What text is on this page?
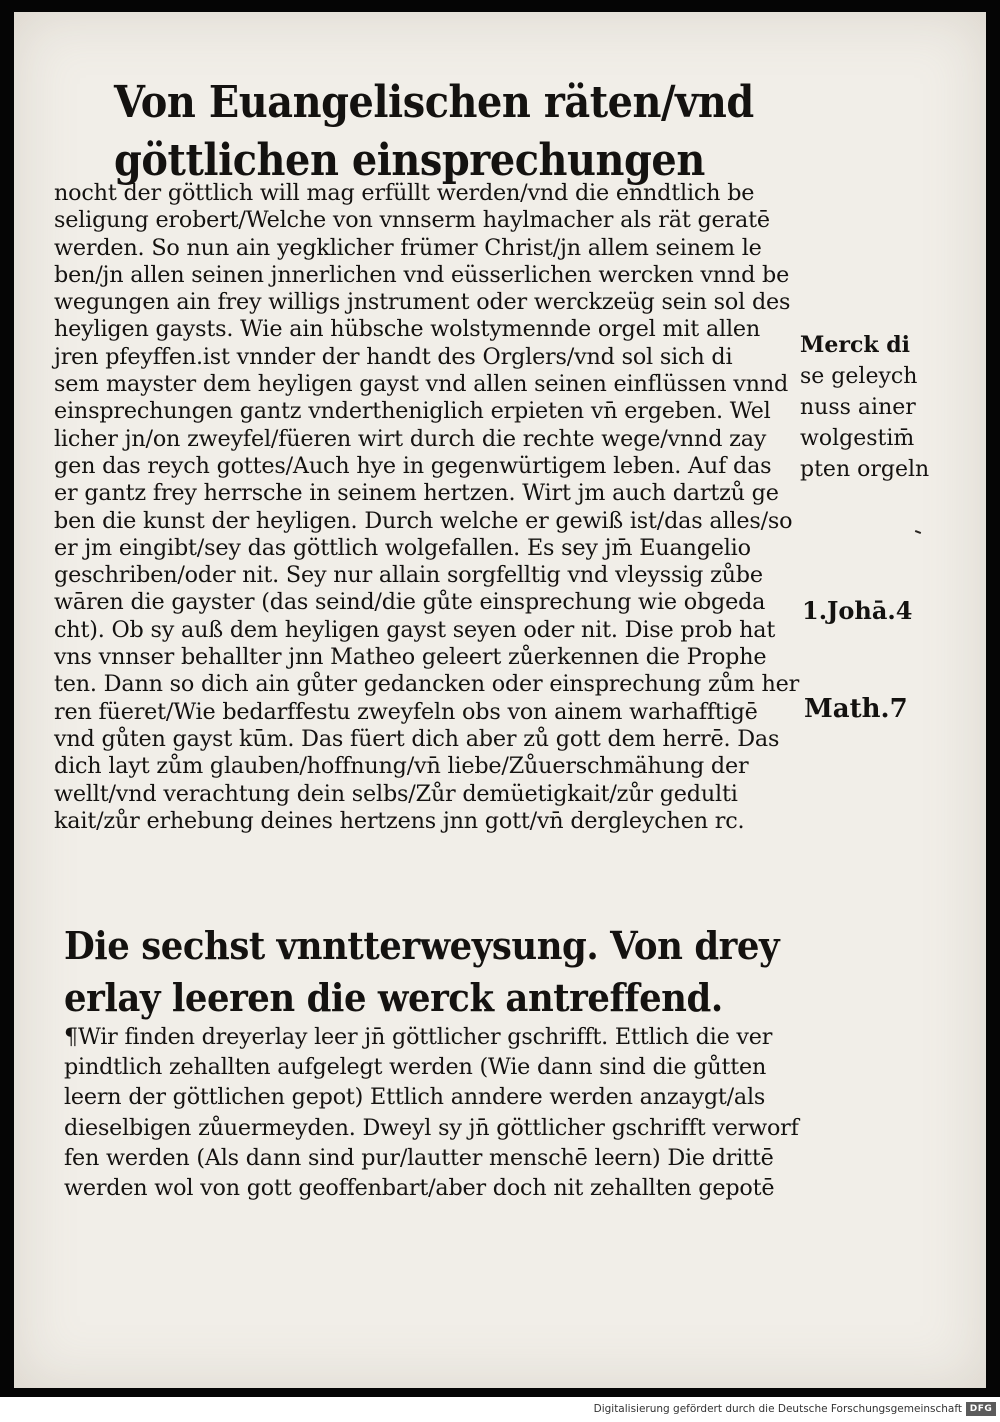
Von Euangelischen räten/vnd
göttlichen einsprechungen
nocht der göttlich will mag erfüllt werden/vnd die enndtlich be
seligung erobert/Welche von vnnserm haylmacher als rät geratē
werden. So nun ain yegklicher frümer Christ/jn allem seinem le
ben/jn allen seinen jnnerlichen vnd eüsserlichen wercken vnnd be
wegungen ain frey willigs jnstrument oder werckzeüg sein sol des
heyligen gaysts. Wie ain hübsche wolstymennde orgel mit allen
jren pfeyffen.ist vnnder der handt des Orglers/vnd sol sich di
sem mayster dem heyligen gayst vnd allen seinen einflüssen vnnd
einsprechungen gantz vndertheniglich erpieten vn̄ ergeben. Wel
licher jn/on zweyfel/füeren wirt durch die rechte wege/vnnd zay
gen das reych gottes/Auch hye in gegenwürtigem leben. Auf das
er gantz frey herrsche in seinem hertzen. Wirt jm auch dartzů ge
ben die kunst der heyligen. Durch welche er gewiß ist/das alles/so
er jm eingibt/sey das göttlich wolgefallen. Es sey jm̄ Euangelio
geschriben/oder nit. Sey nur allain sorgfelltig vnd vleyssig zůbe
wāren die gayster (das seind/die gůte einsprechung wie obgeda
cht). Ob sy auß dem heyligen gayst seyen oder nit. Dise prob hat
vns vnnser behallter jnn Matheo geleert zůerkennen die Prophe
ten. Dann so dich ain gůter gedancken oder einsprechung zům her
ren füeret/Wie bedarffestu zweyfeln obs von ainem warhafftigē
vnd gůten gayst kūm. Das füert dich aber zů gott dem herrē. Das
dich layt zům glauben/hoffnung/vn̄ liebe/Zůuerschmähung der
wellt/vnd verachtung dein selbs/Zůr demüetigkait/zůr gedulti
kait/zůr erhebung deines hertzens jnn gott/vn̄ dergleychen rc.
Merck di
se geleych
nuss ainer
wolgestim̄
pten orgeln
1.Johā.4
Math.7
Die sechst vnntterweysung. Von drey
erlay leeren die werck antreffend.
¶Wir finden dreyerlay leer jn̄ göttlicher gschrifft. Ettlich die ver
pindtlich zehallten aufgelegt werden (Wie dann sind die gůtten
leern der göttlichen gepot) Ettlich anndere werden anzaygt/als
dieselbigen zůuermeyden. Dweyl sy jn̄ göttlicher gschrifft verworf
fen werden (Als dann sind pur/lautter menschē leern) Die drittē
werden wol von gott geoffenbart/aber doch nit zehallten gepotē
Digitalisierung gefördert durch die Deutsche Forschungsgemeinschaft DFG
